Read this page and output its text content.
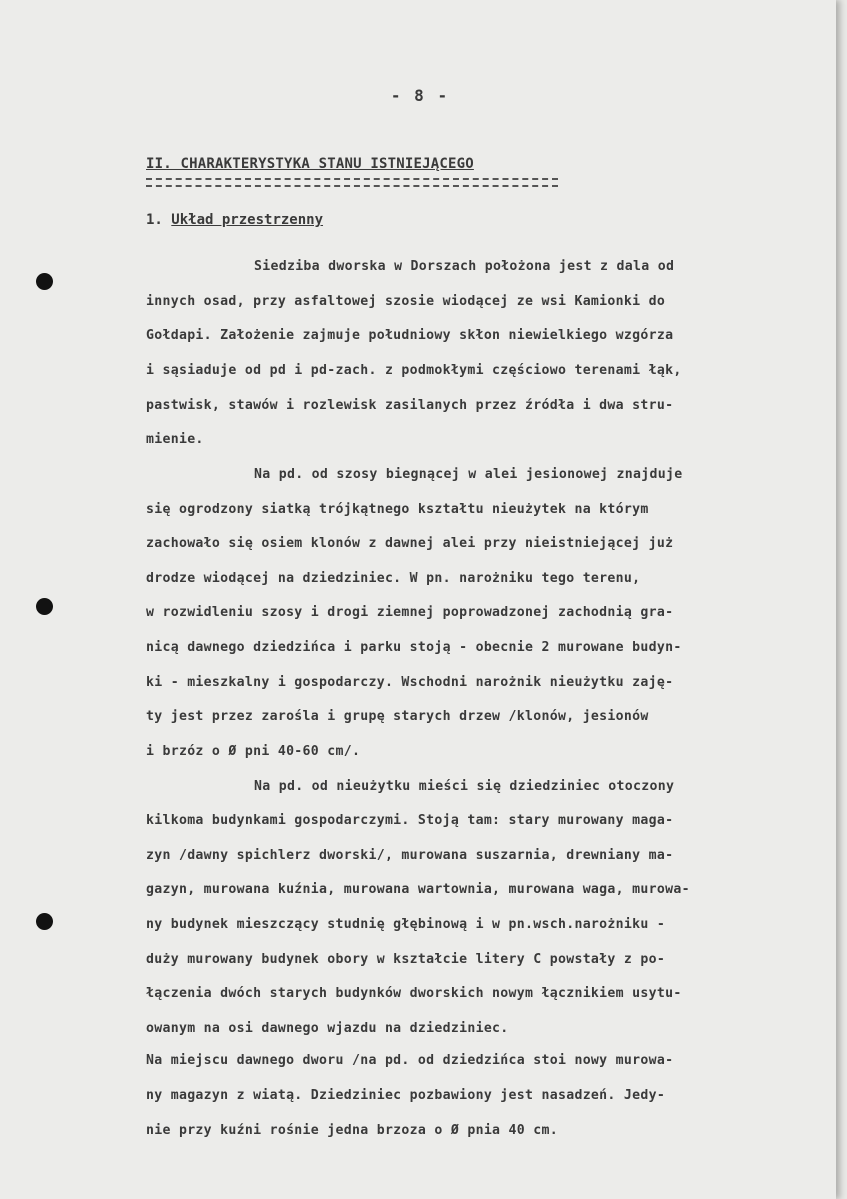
- 8 -
II. CHARAKTERYSTYKA STANU ISTNIEJĄCEGO
1. Układ przestrzenny
Siedziba dworska w Dorszach położona jest z dala od
innych osad, przy asfaltowej szosie wiodącej ze wsi Kamionki do
Gołdapi. Założenie zajmuje południowy skłon niewielkiego wzgórza
i sąsiaduje od pd i pd-zach. z podmokłymi częściowo terenami łąk,
pastwisk, stawów i rozlewisk zasilanych przez źródła i dwa stru-
mienie.
Na pd. od szosy biegnącej w alei jesionowej znajduje
się ogrodzony siatką trójkątnego kształtu nieużytek na którym
zachowało się osiem klonów z dawnej alei przy nieistniejącej już
drodze wiodącej na dziedziniec. W pn. narożniku tego terenu,
w rozwidleniu szosy i drogi ziemnej poprowadzonej zachodnią gra-
nicą dawnego dziedzińca i parku stoją - obecnie 2 murowane budyn-
ki - mieszkalny i gospodarczy. Wschodni narożnik nieużytku zaję-
ty jest przez zarośla i grupę starych drzew /klonów, jesionów
i brzóz o Ø pni 40-60 cm/.
Na pd. od nieużytku mieści się dziedziniec otoczony
kilkoma budynkami gospodarczymi. Stoją tam: stary murowany maga-
zyn /dawny spichlerz dworski/, murowana suszarnia, drewniany ma-
gazyn, murowana kuźnia, murowana wartownia, murowana waga, murowa-
ny budynek mieszczący studnię głębinową i w pn.wsch.narożniku -
duży murowany budynek obory w kształcie litery C powstały z po-
łączenia dwóch starych budynków dworskich nowym łącznikiem usytu-
owanym na osi dawnego wjazdu na dziedziniec.
Na miejscu dawnego dworu /na pd. od dziedzińca stoi nowy murowa-
ny magazyn z wiatą. Dziedziniec pozbawiony jest nasadzeń. Jedy-
nie przy kuźni rośnie jedna brzoza o Ø pnia 40 cm.
